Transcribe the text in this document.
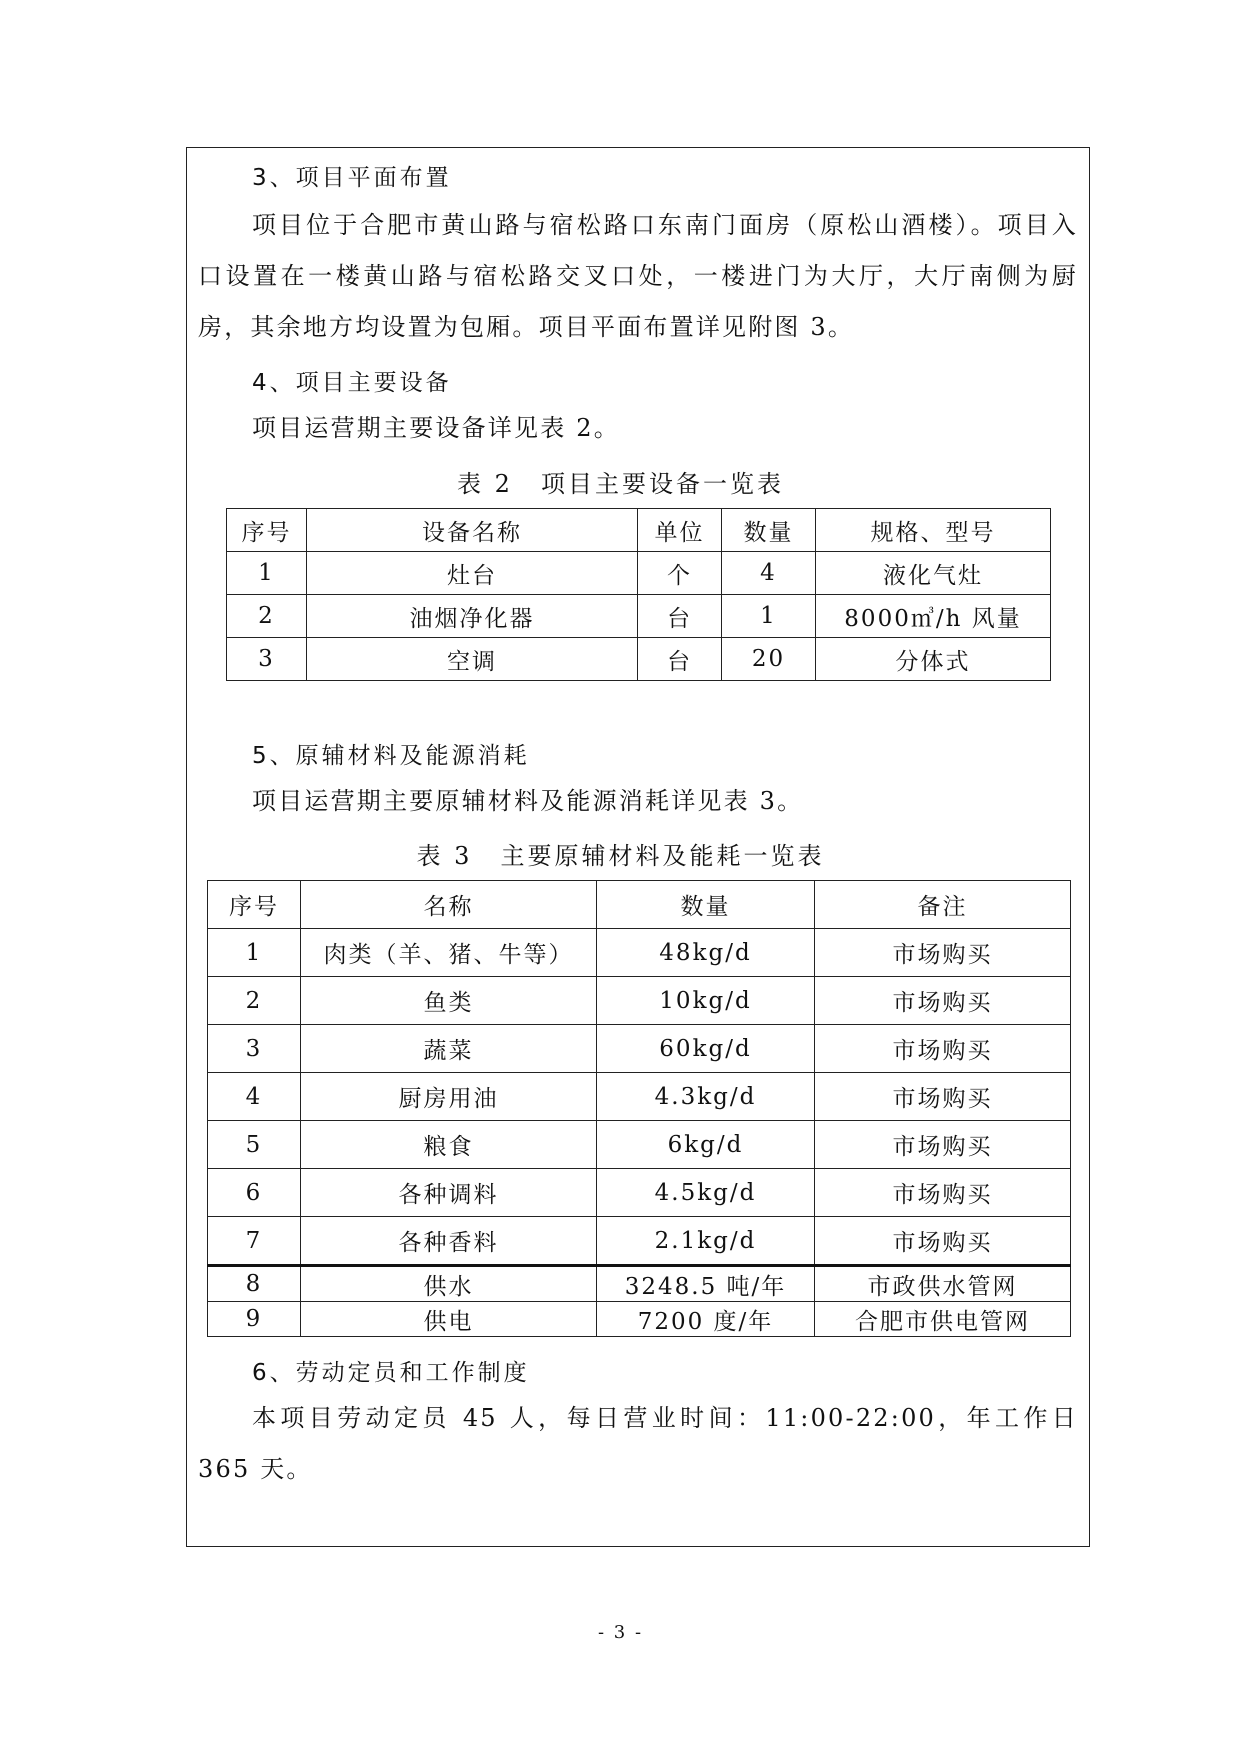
3、项目平面布置

项目位于合肥市黄山路与宿松路口东南门面房（原松山酒楼）。项目入口设置在一楼黄山路与宿松路交叉口处，一楼进门为大厅，大厅南侧为厨房，其余地方均设置为包厢。项目平面布置详见附图 3。

4、项目主要设备
项目运营期主要设备详见表 2。
表 2 项目主要设备一览表
序号	设备名称	单位	数量	规格、型号
1	灶台	个	4	液化气灶
2	油烟净化器	台	1	8000㎥/h 风量
3	空调	台	20	分体式
5、原辅材料及能源消耗
项目运营期主要原辅材料及能源消耗详见表 3。
表 3 主要原辅材料及能耗一览表
序号	名称	数量	备注
1	肉类（羊、猪、牛等）	48kg/d	市场购买
2	鱼类	10kg/d	市场购买
3	蔬菜	60kg/d	市场购买
4	厨房用油	4.3kg/d	市场购买
5	粮食	6kg/d	市场购买
6	各种调料	4.5kg/d	市场购买
7	各种香料	2.1kg/d	市场购买
8	供水	3248.5 吨/年	市政供水管网
9	供电	7200 度/年	合肥市供电管网
6、劳动定员和工作制度

本项目劳动定员 45 人，每日营业时间：11:00-22:00，年工作日 365 天。

- 3 -
